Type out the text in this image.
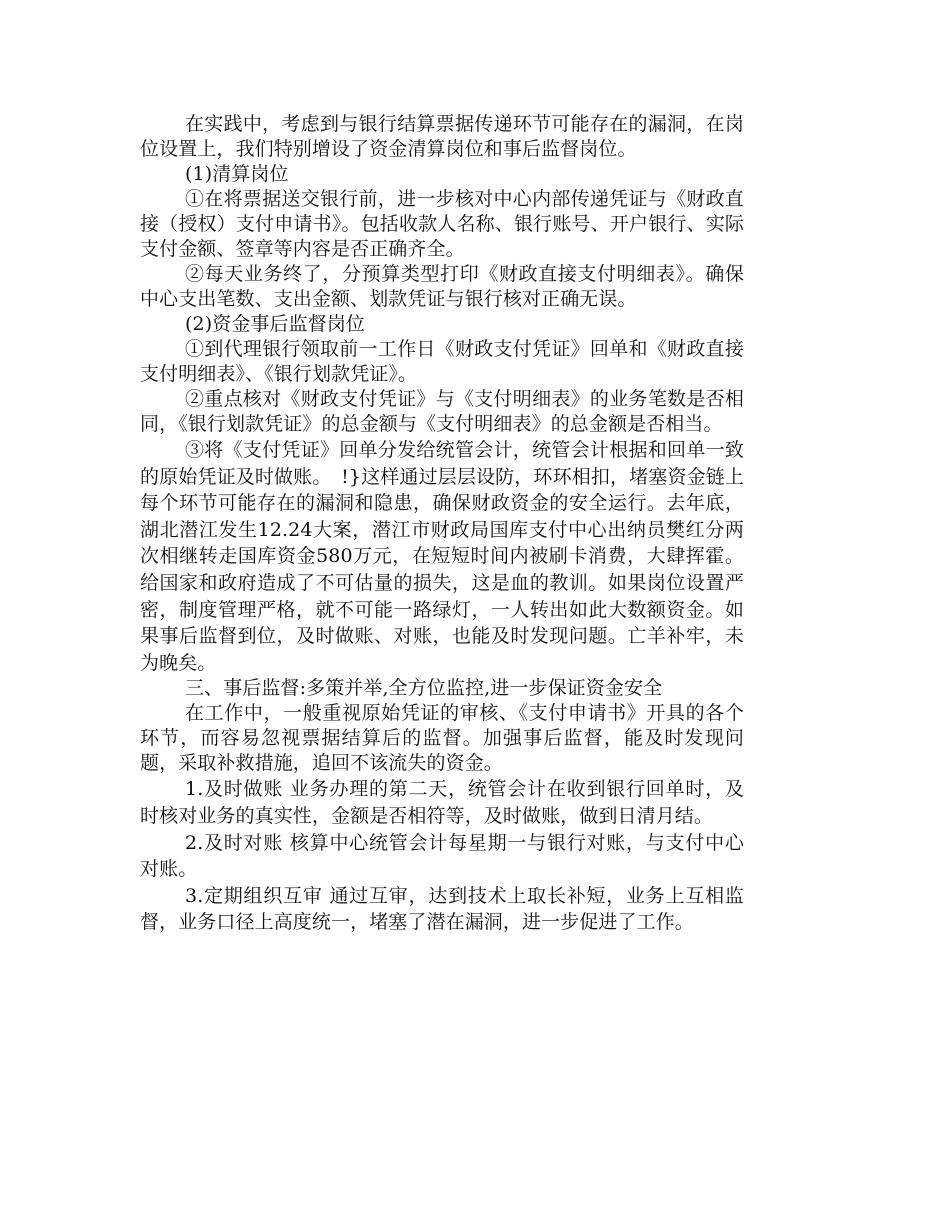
在实践中，考虑到与银行结算票据传递环节可能存在的漏洞，在岗位设置上，我们特别增设了资金清算岗位和事后监督岗位。

(1)清算岗位

①在将票据送交银行前，进一步核对中心内部传递凭证与《财政直接（授权）支付申请书》。包括收款人名称、银行账号、开户银行、实际支付金额、签章等内容是否正确齐全。

②每天业务终了，分预算类型打印《财政直接支付明细表》。确保中心支出笔数、支出金额、划款凭证与银行核对正确无误。

(2)资金事后监督岗位

①到代理银行领取前一工作日《财政支付凭证》回单和《财政直接支付明细表》、《银行划款凭证》。

②重点核对《财政支付凭证》与《支付明细表》的业务笔数是否相同，《银行划款凭证》的总金额与《支付明细表》的总金额是否相当。

③将《支付凭证》回单分发给统管会计，统管会计根据和回单一致的原始凭证及时做账。　!}这样通过层层设防，环环相扣，堵塞资金链上每个环节可能存在的漏洞和隐患，确保财政资金的安全运行。去年底，湖北潜江发生12.24大案，潜江市财政局国库支付中心出纳员樊红分两次相继转走国库资金580万元，在短短时间内被刷卡消费，大肆挥霍。给国家和政府造成了不可估量的损失，这是血的教训。如果岗位设置严密，制度管理严格，就不可能一路绿灯，一人转出如此大数额资金。如果事后监督到位，及时做账、对账，也能及时发现问题。亡羊补牢，未为晚矣。

三、事后监督:多策并举,全方位监控,进一步保证资金安全

在工作中，一般重视原始凭证的审核、《支付申请书》开具的各个环节，而容易忽视票据结算后的监督。加强事后监督，能及时发现问题，采取补救措施，追回不该流失的资金。

1.及时做账 业务办理的第二天，统管会计在收到银行回单时，及时核对业务的真实性，金额是否相符等，及时做账，做到日清月结。

2.及时对账 核算中心统管会计每星期一与银行对账，与支付中心对账。

3.定期组织互审 通过互审，达到技术上取长补短，业务上互相监督，业务口径上高度统一，堵塞了潜在漏洞，进一步促进了工作。
